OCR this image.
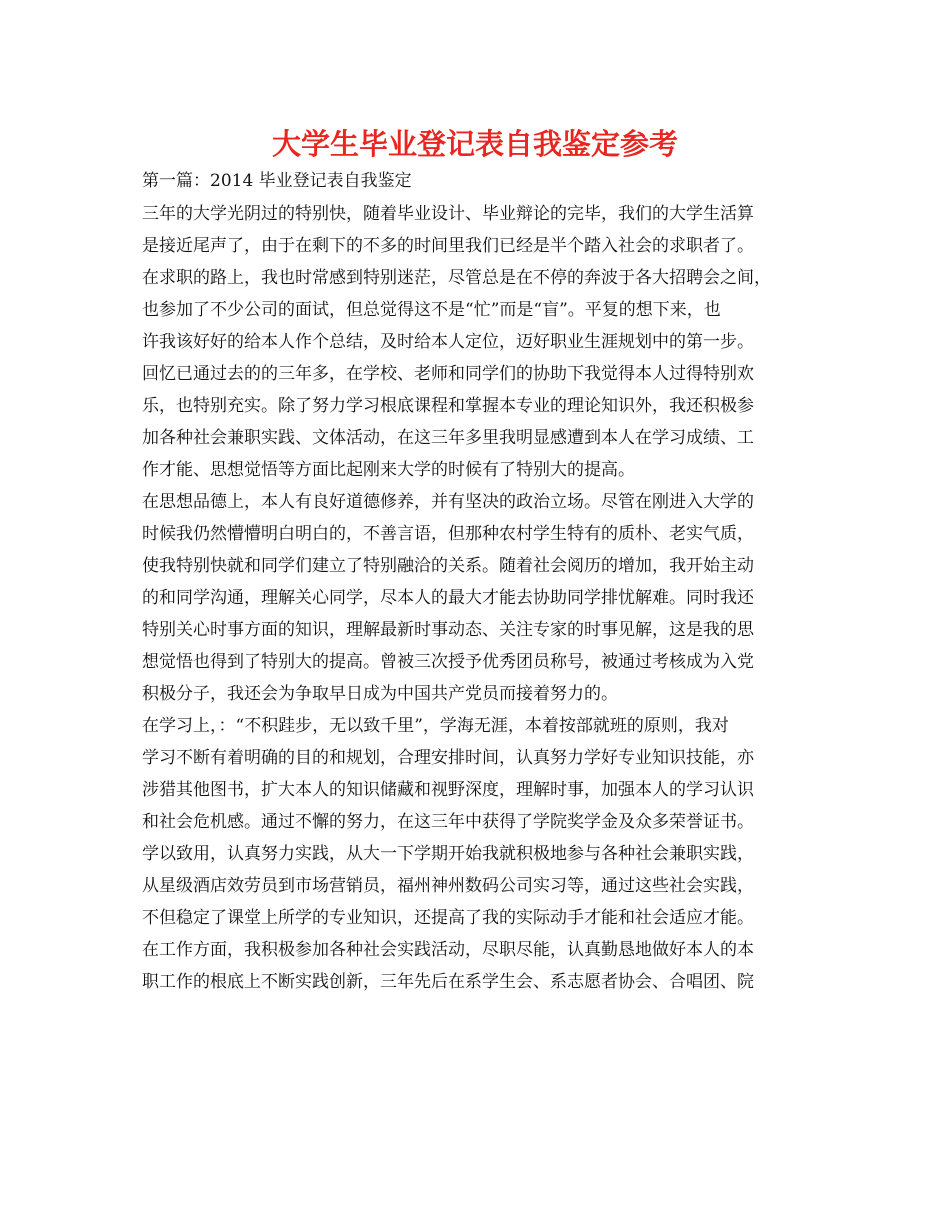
大学生毕业登记表自我鉴定参考

第一篇：2014 毕业登记表自我鉴定

三年的大学光阴过的特别快，随着毕业设计、毕业辩论的完毕，我们的大学生活算

是接近尾声了，由于在剩下的不多的时间里我们已经是半个踏入社会的求职者了。

在求职的路上，我也时常感到特别迷茫，尽管总是在不停的奔波于各大招聘会之间，

也参加了不少公司的面试，但总觉得这不是“忙”而是“盲”。平复的想下来，也

许我该好好的给本人作个总结，及时给本人定位，迈好职业生涯规划中的第一步。

回忆已通过去的的三年多，在学校、老师和同学们的协助下我觉得本人过得特别欢

乐，也特别充实。除了努力学习根底课程和掌握本专业的理论知识外，我还积极参

加各种社会兼职实践、文体活动，在这三年多里我明显感遭到本人在学习成绩、工

作才能、思想觉悟等方面比起刚来大学的时候有了特别大的提高。

在思想品德上，本人有良好道德修养，并有坚决的政治立场。尽管在刚进入大学的

时候我仍然懵懵明白明白的，不善言语，但那种农村学生特有的质朴、老实气质，

使我特别快就和同学们建立了特别融洽的关系。随着社会阅历的增加，我开始主动

的和同学沟通，理解关心同学，尽本人的最大才能去协助同学排忧解难。同时我还

特别关心时事方面的知识，理解最新时事动态、关注专家的时事见解，这是我的思

想觉悟也得到了特别大的提高。曾被三次授予优秀团员称号，被通过考核成为入党

积极分子，我还会为争取早日成为中国共产党员而接着努力的。

在学习上，：“不积跬步，无以致千里”，学海无涯，本着按部就班的原则，我对

学习不断有着明确的目的和规划，合理安排时间，认真努力学好专业知识技能，亦

涉猎其他图书，扩大本人的知识储藏和视野深度，理解时事，加强本人的学习认识

和社会危机感。通过不懈的努力，在这三年中获得了学院奖学金及众多荣誉证书。

学以致用，认真努力实践，从大一下学期开始我就积极地参与各种社会兼职实践，

从星级酒店效劳员到市场营销员，福州神州数码公司实习等，通过这些社会实践，

不但稳定了课堂上所学的专业知识，还提高了我的实际动手才能和社会适应才能。

在工作方面，我积极参加各种社会实践活动，尽职尽能，认真勤恳地做好本人的本

职工作的根底上不断实践创新，三年先后在系学生会、系志愿者协会、合唱团、院
